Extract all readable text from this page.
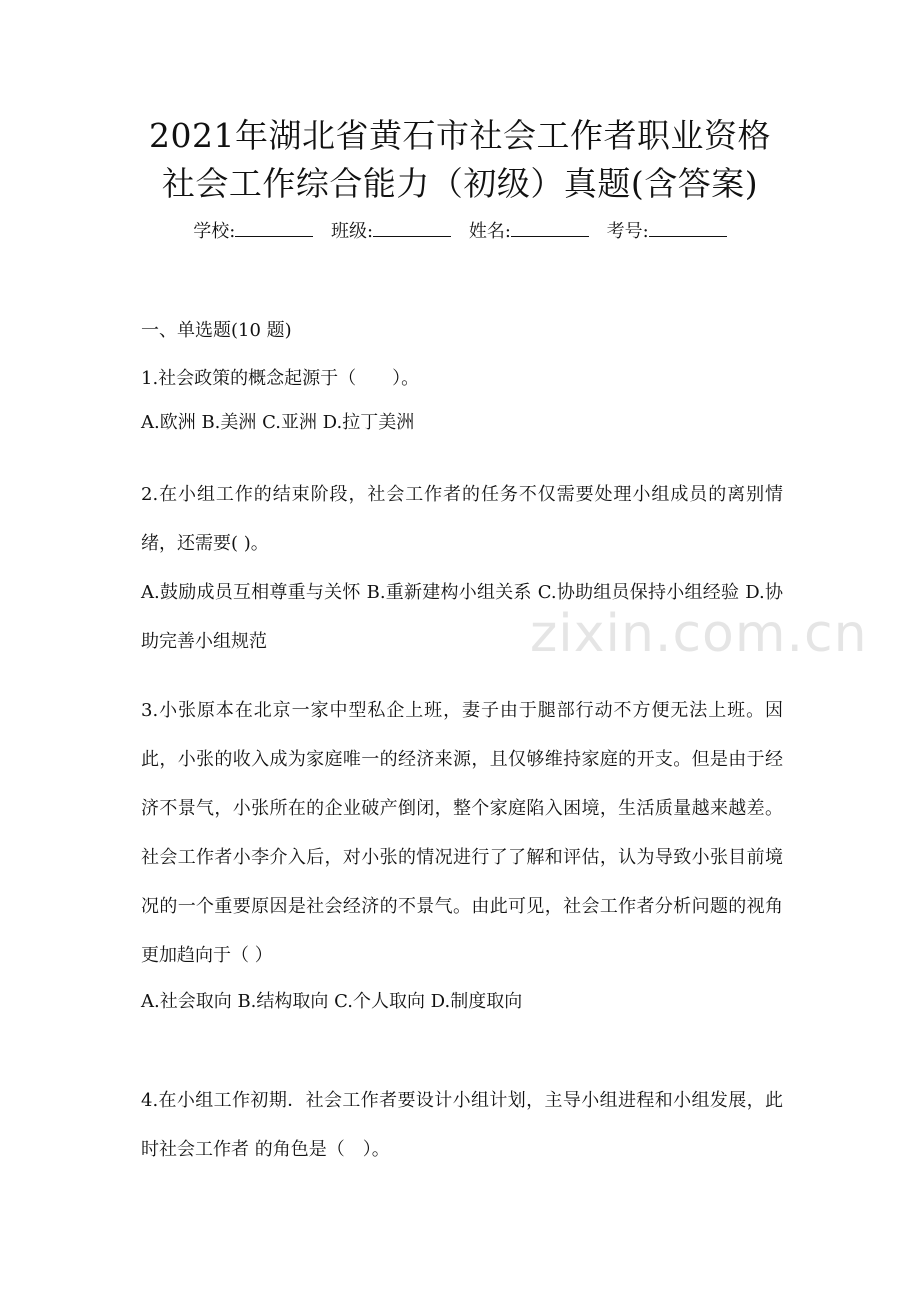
2021年湖北省黄石市社会工作者职业资格
社会工作综合能力（初级）真题(含答案)
学校:	班级:	姓名:	考号:
一、单选题(10 题)
1.社会政策的概念起源于（　　）。
A.欧洲 B.美洲 C.亚洲 D.拉丁美洲
2.在小组工作的结束阶段，社会工作者的任务不仅需要处理小组成员的离别情绪，还需要( )。
A.鼓励成员互相尊重与关怀 B.重新建构小组关系 C.协助组员保持小组经验 D.协助完善小组规范
3.小张原本在北京一家中型私企上班，妻子由于腿部行动不方便无法上班。因此，小张的收入成为家庭唯一的经济来源，且仅够维持家庭的开支。但是由于经济不景气，小张所在的企业破产倒闭，整个家庭陷入困境，生活质量越来越差。社会工作者小李介入后，对小张的情况进行了了解和评估，认为导致小张目前境况的一个重要原因是社会经济的不景气。由此可见，社会工作者分析问题的视角更加趋向于（ ）
A.社会取向 B.结构取向 C.个人取向 D.制度取向
4.在小组工作初期．社会工作者要设计小组计划，主导小组进程和小组发展，此时社会工作者 的角色是（　）。
zixin.com.cn
